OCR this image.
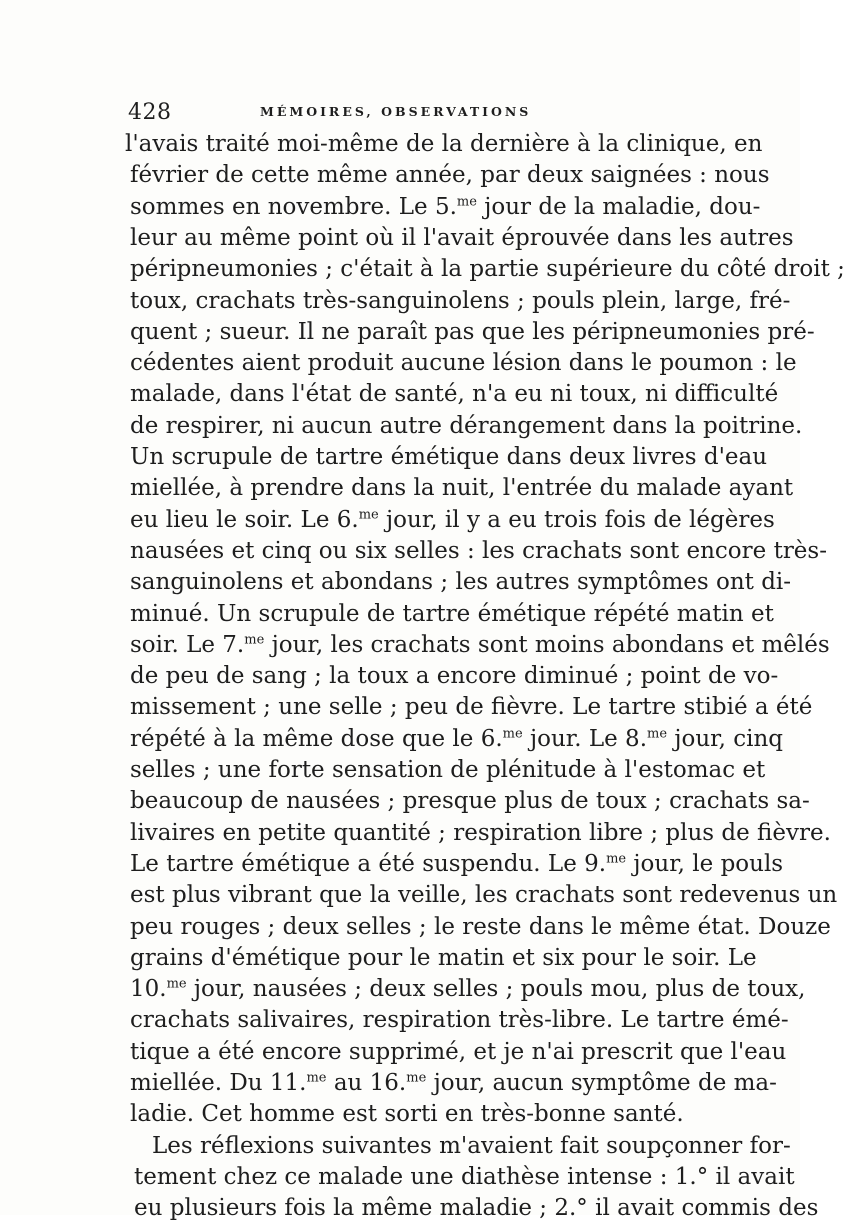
428	MÉMOIRES, OBSERVATIONS
l'avais traité moi-même de la dernière à la clinique, en
février de cette même année, par deux saignées : nous
sommes en novembre. Le 5.$^{me}$ jour de la maladie, dou-
leur au même point où il l'avait éprouvée dans les autres
péripneumonies ; c'était à la partie supérieure du côté droit ;
toux, crachats très-sanguinolens ; pouls plein, large, fré-
quent ; sueur. Il ne paraît pas que les péripneumonies pré-
cédentes aient produit aucune lésion dans le poumon : le
malade, dans l'état de santé, n'a eu ni toux, ni difficulté
de respirer, ni aucun autre dérangement dans la poitrine.
Un scrupule de tartre émétique dans deux livres d'eau
miellée, à prendre dans la nuit, l'entrée du malade ayant
eu lieu le soir. Le 6.$^{me}$ jour, il y a eu trois fois de légères
nausées et cinq ou six selles : les crachats sont encore très-
sanguinolens et abondans ; les autres symptômes ont di-
minué. Un scrupule de tartre émétique répété matin et
soir. Le 7.$^{me}$ jour, les crachats sont moins abondans et mêlés
de peu de sang ; la toux a encore diminué ; point de vo-
missement ; une selle ; peu de fièvre. Le tartre stibié a été
répété à la même dose que le 6.$^{me}$ jour. Le 8.$^{me}$ jour, cinq
selles ; une forte sensation de plénitude à l'estomac et
beaucoup de nausées ; presque plus de toux ; crachats sa-
livaires en petite quantité ; respiration libre ; plus de fièvre.
Le tartre émétique a été suspendu. Le 9.$^{me}$ jour, le pouls
est plus vibrant que la veille, les crachats sont redevenus un
peu rouges ; deux selles ; le reste dans le même état. Douze
grains d'émétique pour le matin et six pour le soir. Le
10.$^{me}$ jour, nausées ; deux selles ; pouls mou, plus de toux,
crachats salivaires, respiration très-libre. Le tartre émé-
tique a été encore supprimé, et je n'ai prescrit que l'eau
miellée. Du 11.$^{me}$ au 16.$^{me}$ jour, aucun symptôme de ma-
ladie. Cet homme est sorti en très-bonne santé.
Les réflexions suivantes m'avaient fait soupçonner for-
tement chez ce malade une diathèse intense : 1.° il avait
eu plusieurs fois la même maladie ; 2.° il avait commis des
